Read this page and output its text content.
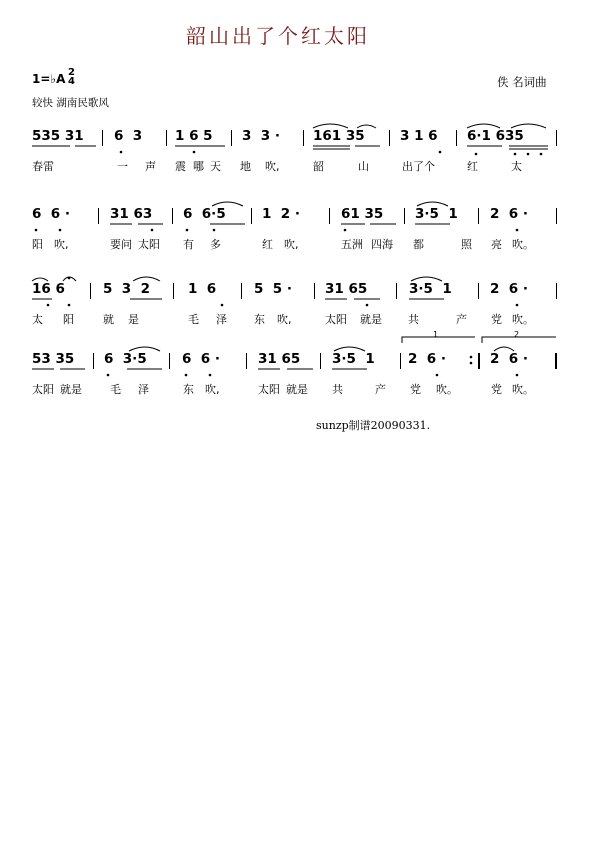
韶山出了个红太阳
1=♭A 2
4
较快 湖南民歌风
佚 名词曲
535 31 6  3 1 6 5 3  3 · 161 35	3 1 6 6·1 635
春雷	一 声 震 哪 天 地 吹,	韶	山	出了个	红	太
6  6 ·	31 63 6  6·5	1  2 ·	61 35 3·5  1 2  6 ·
阳 吹,	要问 太阳 有 多	红 吹,	五洲 四海 都	照 亮 吹。
16 6	5  3  2	1  6	5  5 · 31 65	3·5  1	2  6 ·
太 阳	就 是	毛 泽 东 吹,	太阳 就是 共	产 党 吹。
53 35 6  3·5	6  6 ·	31 65 3·5  1 2  6 ·	2  6 ·
1	2
太阳 就是	毛 泽	东 吹,	太阳 就是 共	产 党 吹。	党 吹。
sunzp制谱20090331.
